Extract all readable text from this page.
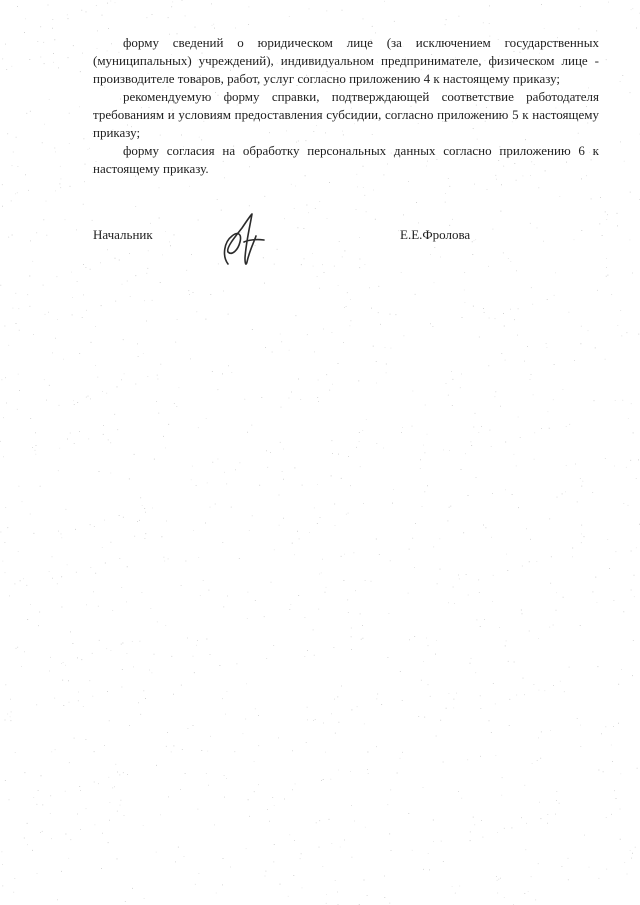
форму сведений о юридическом лице (за исключением государственных (муниципальных) учреждений), индивидуальном предпринимателе, физическом лице - производителе товаров, работ, услуг согласно приложению 4 к настоящему приказу;

рекомендуемую форму справки, подтверждающей соответствие работодателя требованиям и условиям предоставления субсидии, согласно приложению 5 к настоящему приказу;

форму согласия на обработку персональных данных согласно приложению 6 к настоящему приказу.

Начальник	Е.Е.Фролова
